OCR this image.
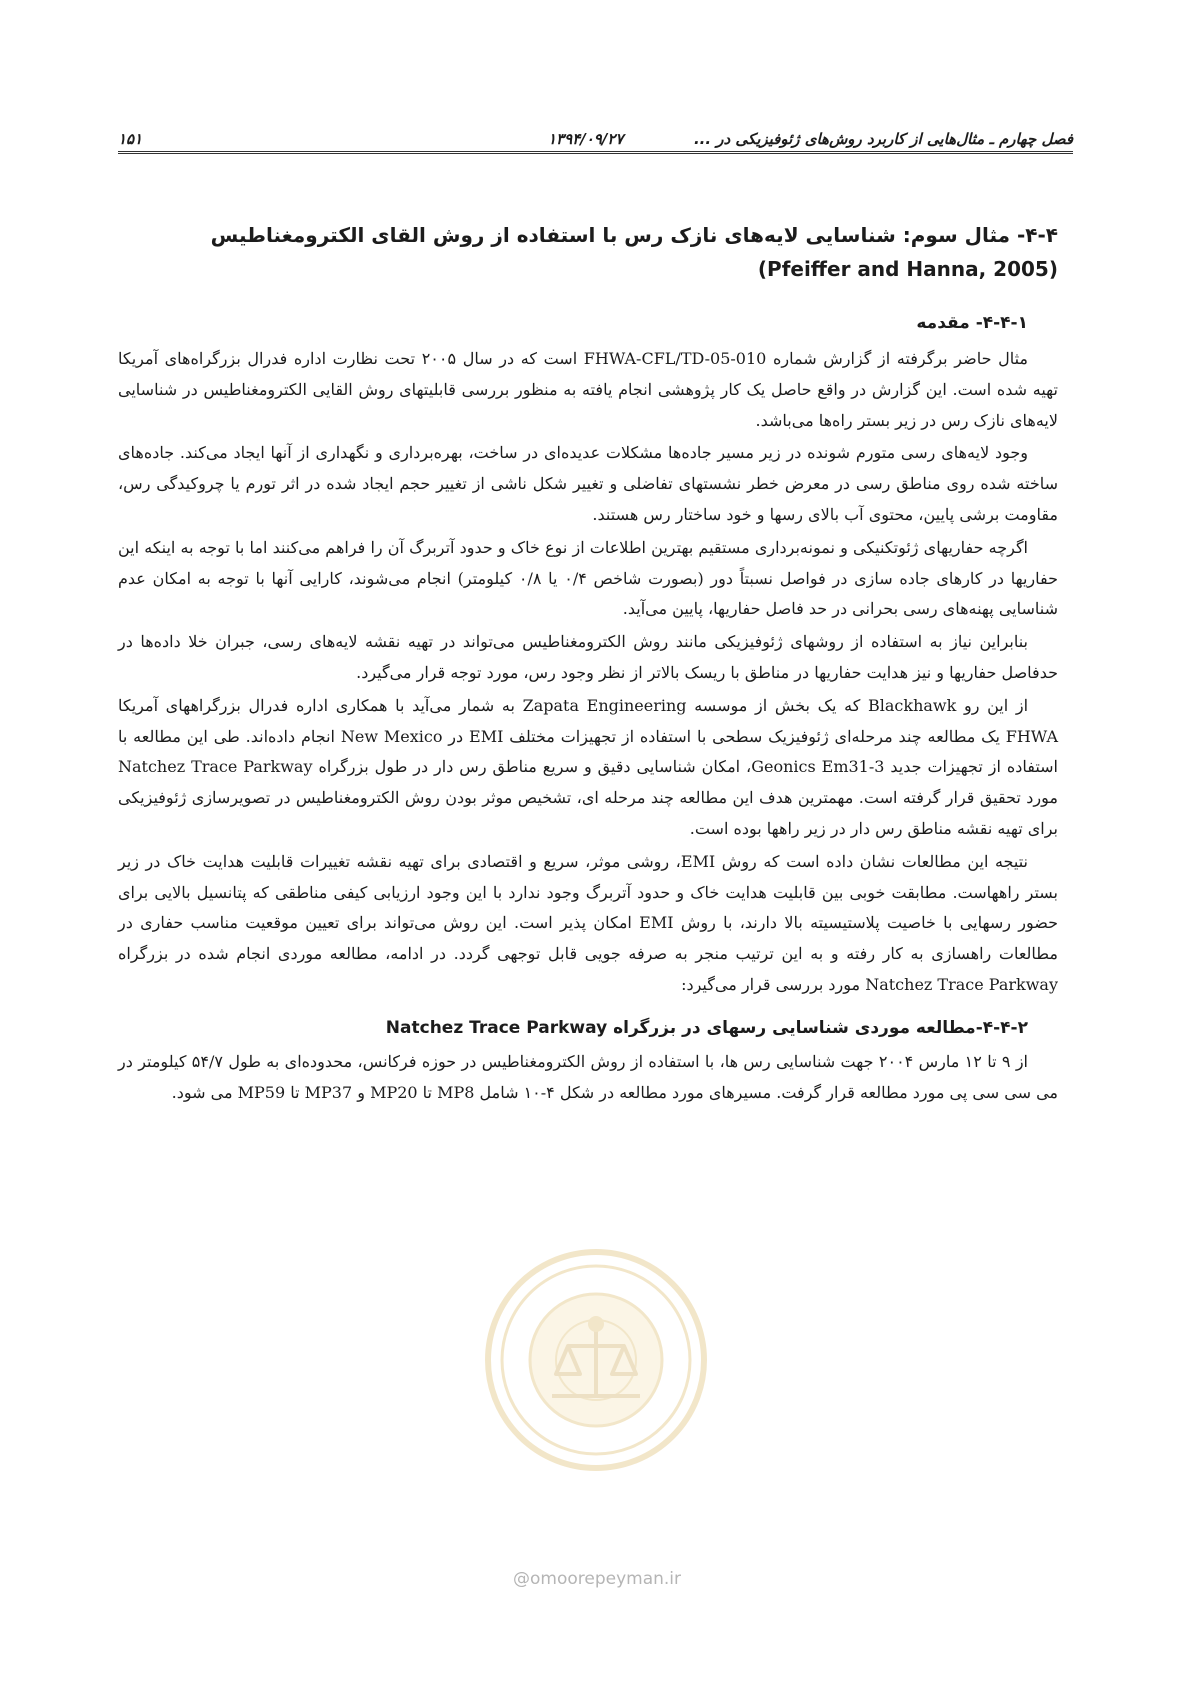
فصل چهارم ـ مثال‌هایی از کاربرد روش‌های ژئوفیزیکی در ...
۱۳۹۴/۰۹/۲۷
۱۵۱
۴-۴- مثال سوم: شناسایی لایه‌های نازک رس با استفاده از روش القای الکترومغناطیس (Pfeiffer and Hanna, 2005)
۴-۴-۱- مقدمه

مثال حاضر برگرفته از گزارش شماره FHWA-CFL/TD-05-010 است که در سال ۲۰۰۵ تحت نظارت اداره فدرال بزرگراه‌های آمریکا تهیه شده است. این گزارش در واقع حاصل یک کار پژوهشی انجام یافته به منظور بررسی قابلیتهای روش القایی الکترومغناطیس در شناسایی لایه‌های نازک رس در زیر بستر راه‌ها می‌باشد.

وجود لایه‌های رسی متورم شونده در زیر مسیر جاده‌ها مشکلات عدیده‌ای در ساخت، بهره‌برداری و نگهداری از آنها ایجاد می‌کند. جاده‌های ساخته شده روی مناطق رسی در معرض خطر نشستهای تفاضلی و تغییر شکل ناشی از تغییر حجم ایجاد شده در اثر تورم یا چروکیدگی رس، مقاومت برشی پایین، محتوی آب بالای رسها و خود ساختار رس هستند.

اگرچه حفاریهای ژئوتکنیکی و نمونه‌برداری مستقیم بهترین اطلاعات از نوع خاک و حدود آتربرگ آن را فراهم می‌کنند اما با توجه به اینکه این حفاریها در کارهای جاده سازی در فواصل نسبتاً دور (بصورت شاخص ۰/۴ یا ۰/۸ کیلومتر) انجام می‌شوند، کارایی آنها با توجه به امکان عدم شناسایی پهنه‌های رسی بحرانی در حد فاصل حفاریها، پایین می‌آید.

بنابراین نیاز به استفاده از روشهای ژئوفیزیکی مانند روش الکترومغناطیس می‌تواند در تهیه نقشه لایه‌های رسی، جبران خلا داده‌ها در حدفاصل حفاریها و نیز هدایت حفاریها در مناطق با ریسک بالاتر از نظر وجود رس، مورد توجه قرار می‌گیرد.

از این رو Blackhawk که یک بخش از موسسه Zapata Engineering به شمار می‌آید با همکاری اداره فدرال بزرگراههای آمریکا FHWA یک مطالعه چند مرحله‌ای ژئوفیزیک سطحی با استفاده از تجهیزات مختلف EMI در New Mexico انجام داده‌اند. طی این مطالعه با استفاده از تجهیزات جدید Geonics Em31-3، امکان شناسایی دقیق و سریع مناطق رس دار در طول بزرگراه Natchez Trace Parkway مورد تحقیق قرار گرفته است. مهمترین هدف این مطالعه چند مرحله ای، تشخیص موثر بودن روش الکترومغناطیس در تصویرسازی ژئوفیزیکی برای تهیه نقشه مناطق رس دار در زیر راهها بوده است.

نتیجه این مطالعات نشان داده است که روش EMI، روشی موثر، سریع و اقتصادی برای تهیه نقشه تغییرات قابلیت هدایت خاک در زیر بستر راههاست. مطابقت خوبی بین قابلیت هدایت خاک و حدود آتربرگ وجود ندارد با این وجود ارزیابی کیفی مناطقی که پتانسیل بالایی برای حضور رسهایی با خاصیت پلاستیسیته بالا دارند، با روش EMI امکان پذیر است. این روش می‌تواند برای تعیین موقعیت مناسب حفاری در مطالعات راهسازی به کار رفته و به این ترتیب منجر به صرفه جویی قابل توجهی گردد. در ادامه، مطالعه موردی انجام شده در بزرگراه Natchez Trace Parkway مورد بررسی قرار می‌گیرد:

۴-۴-۲-مطالعه موردی شناسایی رسهای در بزرگراه Natchez Trace Parkway

از ۹ تا ۱۲ مارس ۲۰۰۴ جهت شناسایی رس ها، با استفاده از روش الکترومغناطیس در حوزه فرکانس، محدوده‌ای به طول ۵۴/۷ کیلومتر در می سی سی پی مورد مطالعه قرار گرفت. مسیرهای مورد مطالعه در شکل ۴-۱۰ شامل MP8 تا MP20 و MP37 تا MP59 می شود.

@omoorepeyman.ir
